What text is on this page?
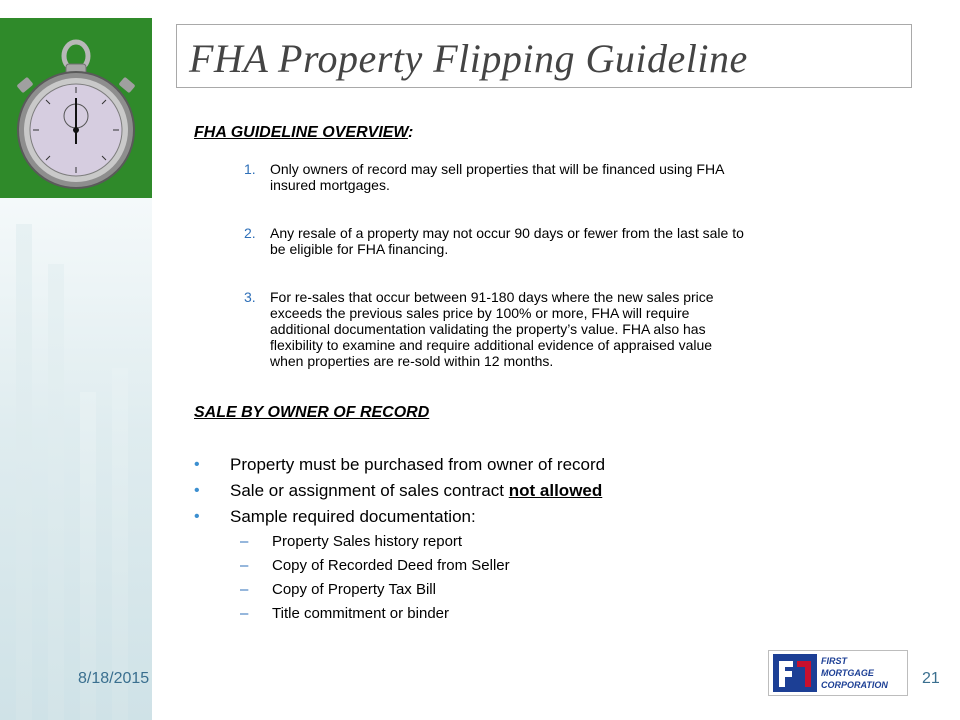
FHA Property Flipping Guideline
FHA GUIDELINE OVERVIEW:
1. Only owners of record may sell properties that will be financed using FHA
insured mortgages.
2. Any resale of a property may not occur 90 days or fewer from the last sale to
be eligible for FHA financing.
3. For re-sales that occur between 91-180 days where the new sales price
exceeds the previous sales price by 100% or more, FHA will require
additional documentation validating the property’s value. FHA also has
flexibility to examine and require additional evidence of appraised value
when properties are re-sold within 12 months.
SALE BY OWNER OF RECORD
• Property must be purchased from owner of record
• Sale or assignment of sales contract not allowed
• Sample required documentation:
– Property Sales history report
– Copy of Recorded Deed from Seller
– Copy of Property Tax Bill
– Title commitment or binder
8/18/2015	21
FIRST
MORTGAGE
CORPORATION
